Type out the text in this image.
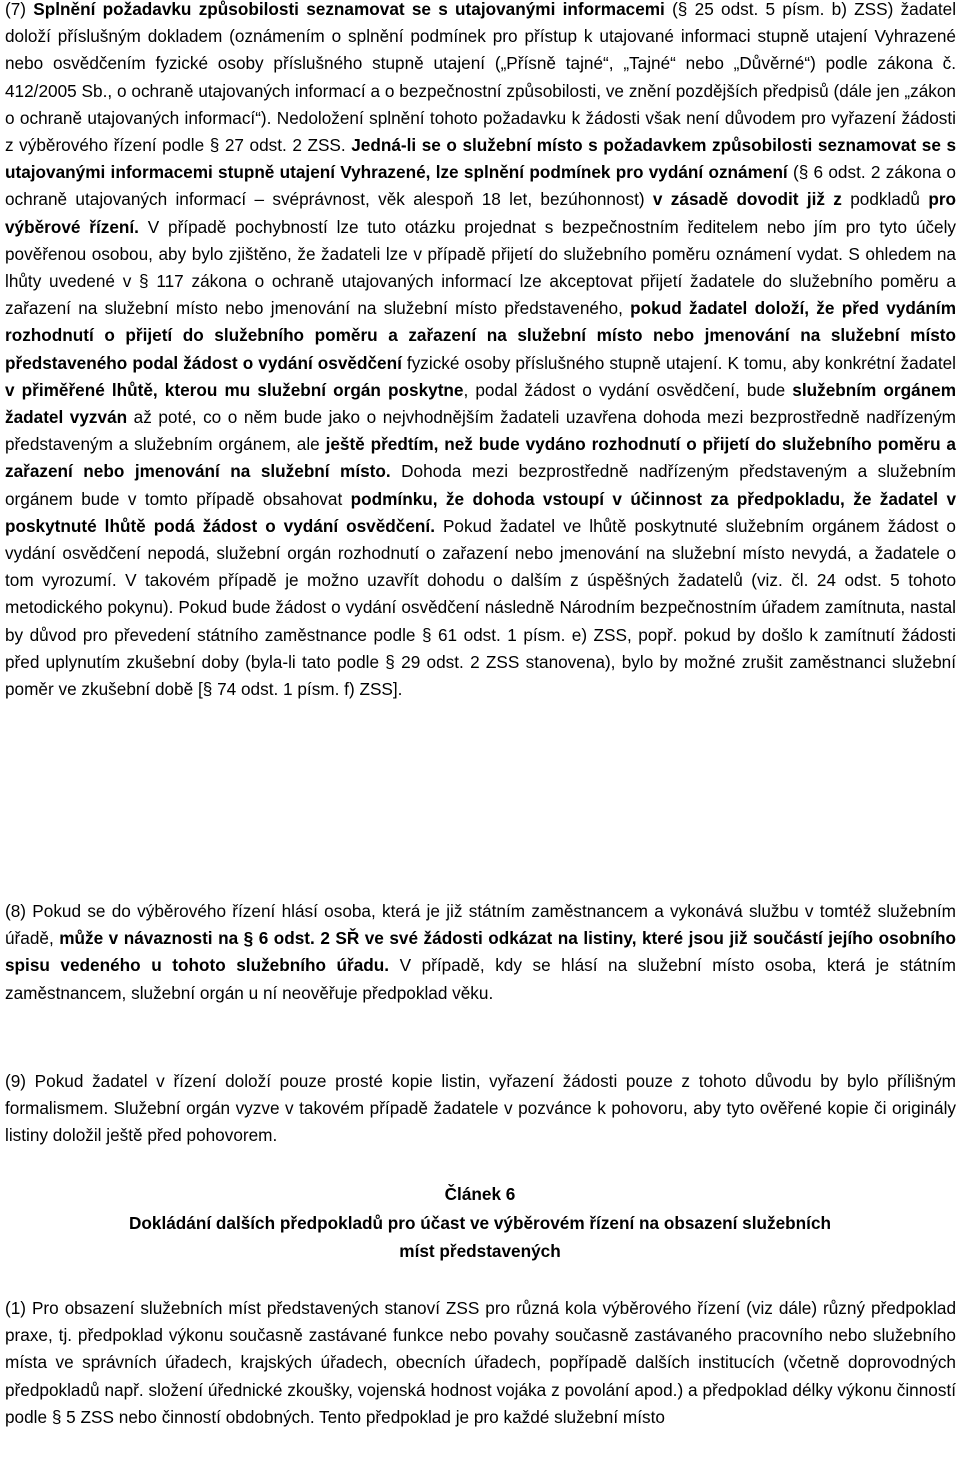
(7) Splnění požadavku způsobilosti seznamovat se s utajovanými informacemi (§ 25 odst. 5 písm. b) ZSS) žadatel doloží příslušným dokladem (oznámením o splnění podmínek pro přístup k utajované informaci stupně utajení Vyhrazené nebo osvědčením fyzické osoby příslušného stupně utajení („Přísně tajné“, „Tajné“ nebo „Důvěrné“) podle zákona č. 412/2005 Sb., o ochraně utajovaných informací a o bezpečnostní způsobilosti, ve znění pozdějších předpisů (dále jen „zákon o ochraně utajovaných informací“). Nedoložení splnění tohoto požadavku k žádosti však není důvodem pro vyřazení žádosti z výběrového řízení podle § 27 odst. 2 ZSS. Jedná-li se o služební místo s požadavkem způsobilosti seznamovat se s utajovanými informacemi stupně utajení Vyhrazené, lze splnění podmínek pro vydání oznámení (§ 6 odst. 2 zákona o ochraně utajovaných informací – svéprávnost, věk alespoň 18 let, bezúhonnost) v zásadě dovodit již z podkladů pro výběrové řízení. V případě pochybností lze tuto otázku projednat s bezpečnostním ředitelem nebo jím pro tyto účely pověřenou osobou, aby bylo zjištěno, že žadateli lze v případě přijetí do služebního poměru oznámení vydat. S ohledem na lhůty uvedené v § 117 zákona o ochraně utajovaných informací lze akceptovat přijetí žadatele do služebního poměru a zařazení na služební místo nebo jmenování na služební místo představeného, pokud žadatel doloží, že před vydáním rozhodnutí o přijetí do služebního poměru a zařazení na služební místo nebo jmenování na služební místo představeného podal žádost o vydání osvědčení fyzické osoby příslušného stupně utajení. K tomu, aby konkrétní žadatel v přiměřené lhůtě, kterou mu služební orgán poskytne, podal žádost o vydání osvědčení, bude služebním orgánem žadatel vyzván až poté, co o něm bude jako o nejvhodnějším žadateli uzavřena dohoda mezi bezprostředně nadřízeným představeným a služebním orgánem, ale ještě předtím, než bude vydáno rozhodnutí o přijetí do služebního poměru a zařazení nebo jmenování na služební místo. Dohoda mezi bezprostředně nadřízeným představeným a služebním orgánem bude v tomto případě obsahovat podmínku, že dohoda vstoupí v účinnost za předpokladu, že žadatel v poskytnuté lhůtě podá žádost o vydání osvědčení. Pokud žadatel ve lhůtě poskytnuté služebním orgánem žádost o vydání osvědčení nepodá, služební orgán rozhodnutí o zařazení nebo jmenování na služební místo nevydá, a žadatele o tom vyrozumí. V takovém případě je možno uzavřít dohodu o dalším z úspěšných žadatelů (viz. čl. 24 odst. 5 tohoto metodického pokynu). Pokud bude žádost o vydání osvědčení následně Národním bezpečnostním úřadem zamítnuta, nastal by důvod pro převedení státního zaměstnance podle § 61 odst. 1 písm. e) ZSS, popř. pokud by došlo k zamítnutí žádosti před uplynutím zkušební doby (byla-li tato podle § 29 odst. 2 ZSS stanovena), bylo by možné zrušit zaměstnanci služební poměr ve zkušební době [§ 74 odst. 1 písm. f) ZSS].

(8) Pokud se do výběrového řízení hlásí osoba, která je již státním zaměstnancem a vykonává službu v tomtéž služebním úřadě, může v návaznosti na § 6 odst. 2 SŘ ve své žádosti odkázat na listiny, které jsou již součástí jejího osobního spisu vedeného u tohoto služebního úřadu. V případě, kdy se hlásí na služební místo osoba, která je státním zaměstnancem, služební orgán u ní neověřuje předpoklad věku.

(9) Pokud žadatel v řízení doloží pouze prosté kopie listin, vyřazení žádosti pouze z tohoto důvodu by bylo přílišným formalismem. Služební orgán vyzve v takovém případě žadatele v pozvánce k pohovoru, aby tyto ověřené kopie či originály listiny doložil ještě před pohovorem.

Článek 6
Dokládání dalších předpokladů pro účast ve výběrovém řízení na obsazení služebních
míst představených

(1) Pro obsazení služebních míst představených stanoví ZSS pro různá kola výběrového řízení (viz dále) různý předpoklad praxe, tj. předpoklad výkonu současně zastávané funkce nebo povahy současně zastávaného pracovního nebo služebního místa ve správních úřadech, krajských úřadech, obecních úřadech, popřípadě dalších institucích (včetně doprovodných předpokladů např. složení úřednické zkoušky, vojenská hodnost vojáka z povolání apod.) a předpoklad délky výkonu činností podle § 5 ZSS nebo činností obdobných. Tento předpoklad je pro každé služební místo
